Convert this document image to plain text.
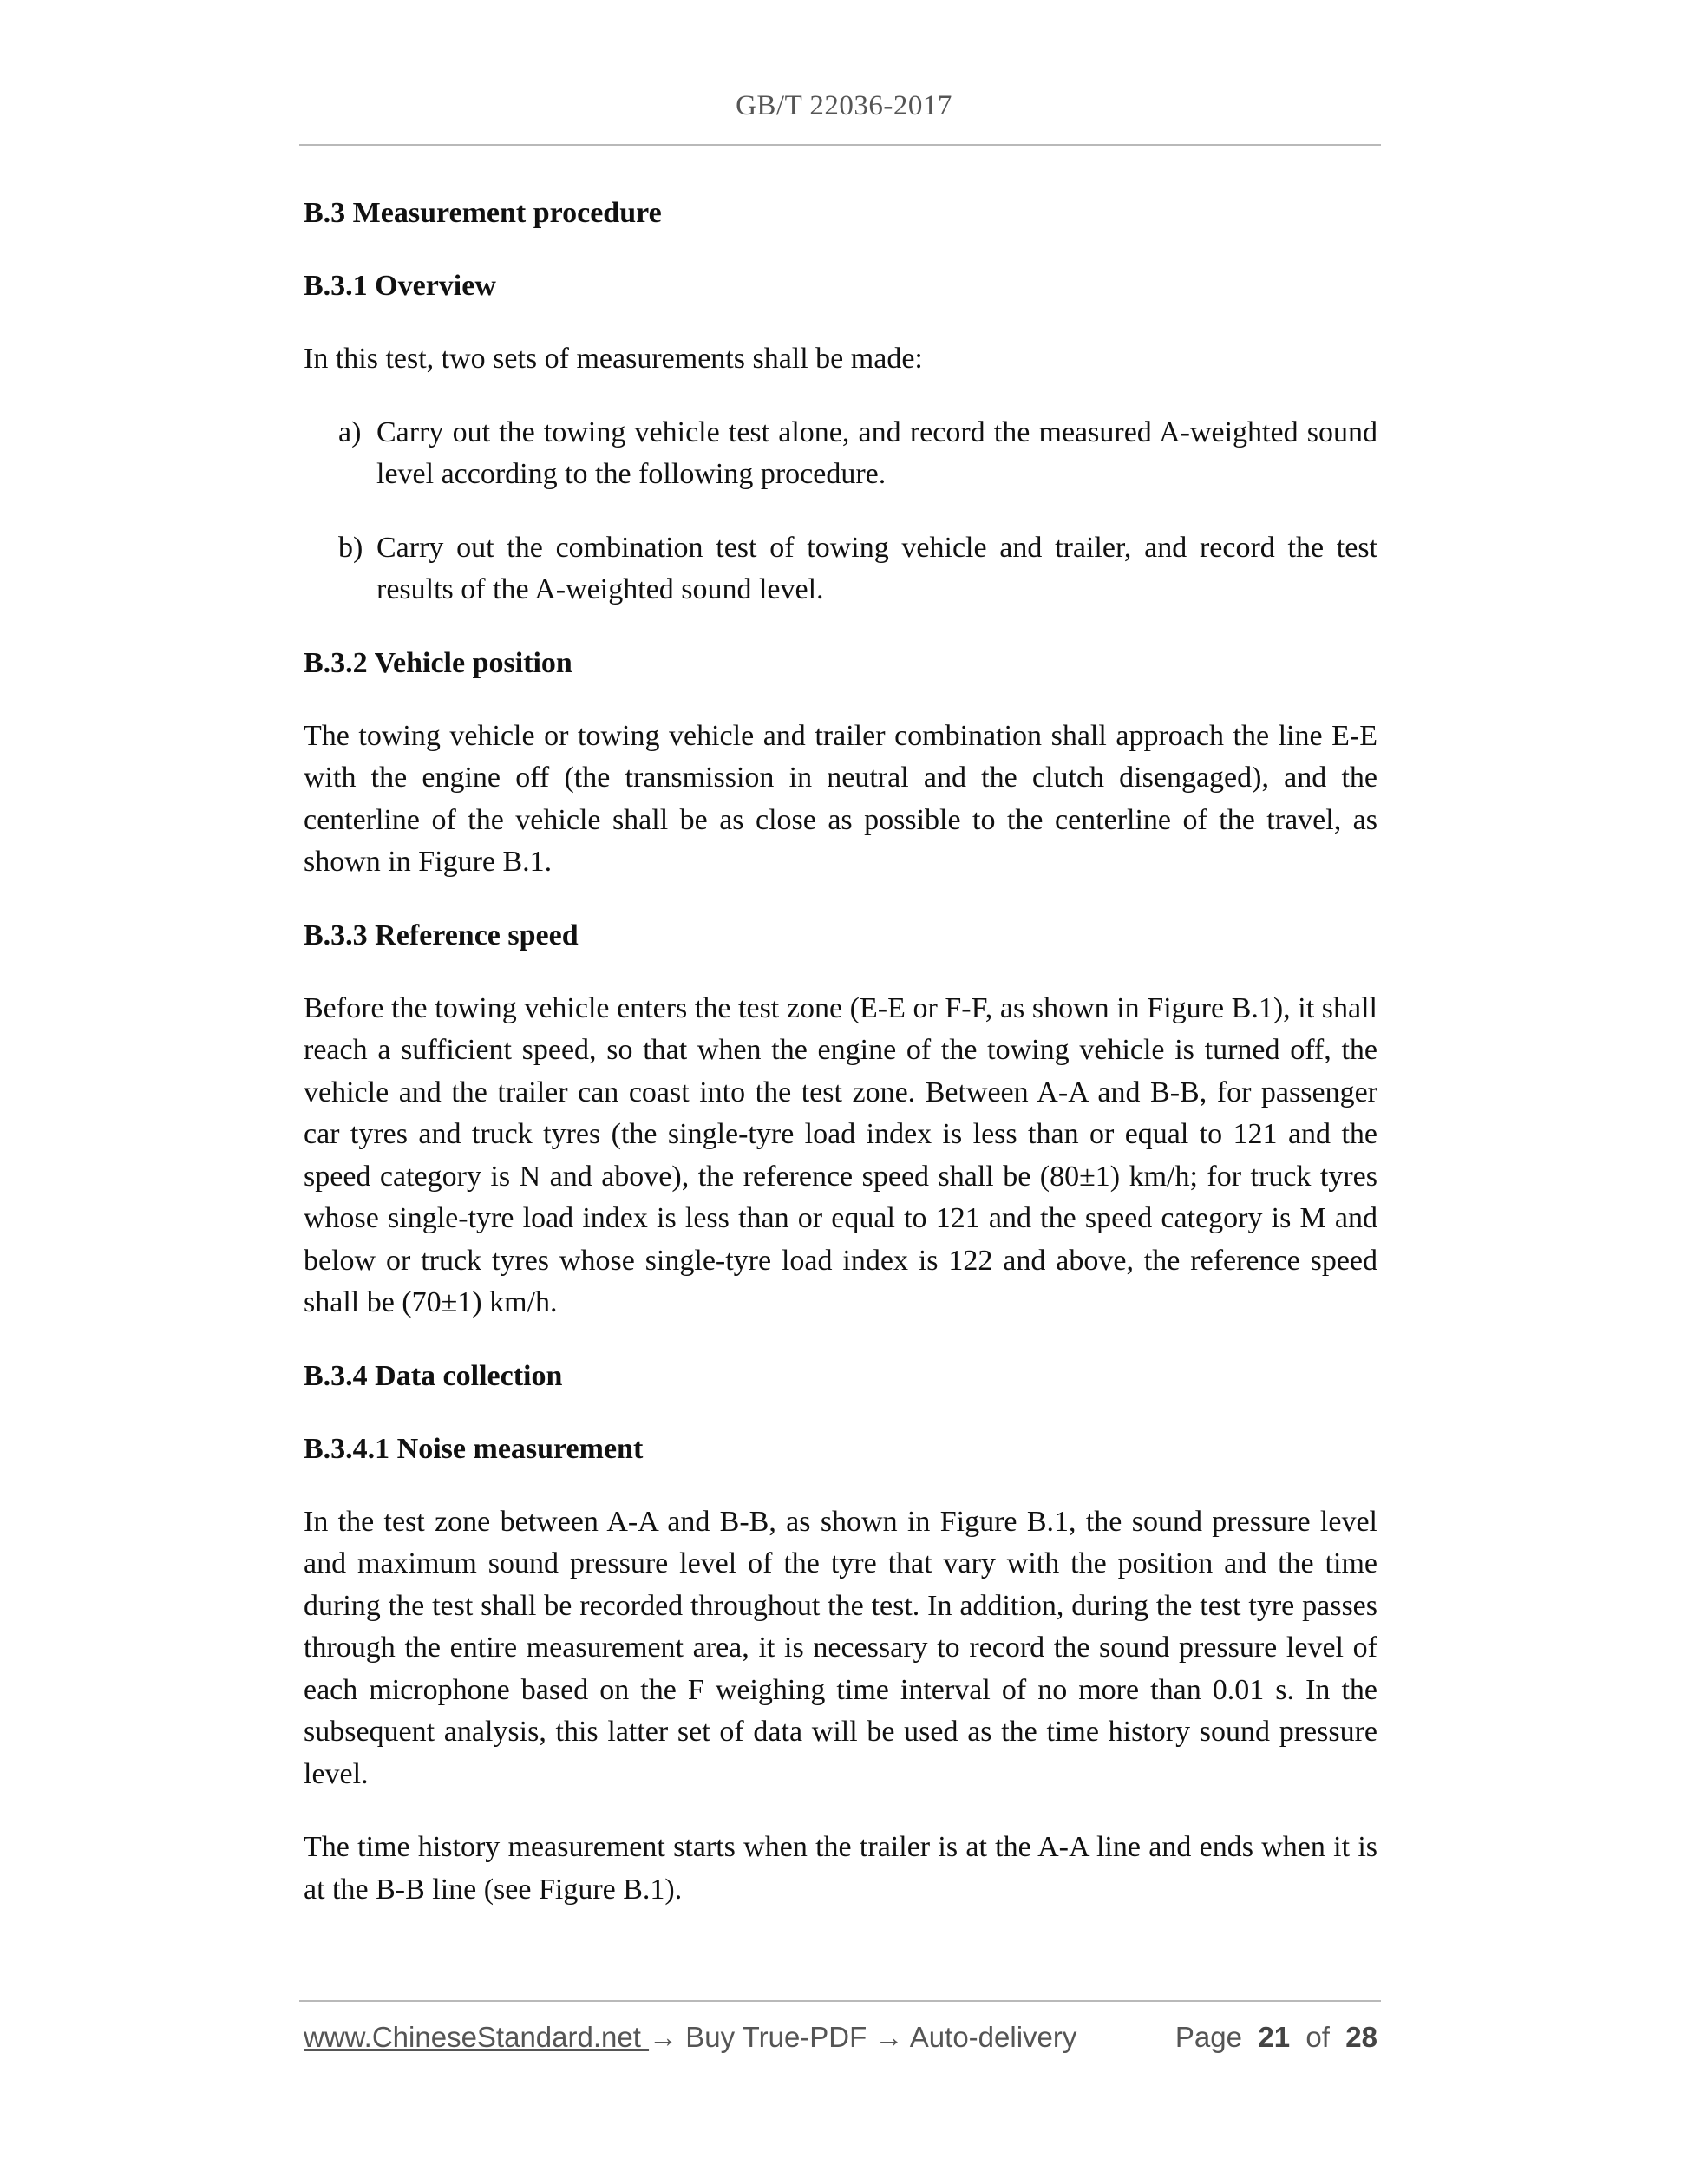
GB/T 22036-2017
B.3 Measurement procedure
B.3.1 Overview
In this test, two sets of measurements shall be made:
a) Carry out the towing vehicle test alone, and record the measured A-weighted sound level according to the following procedure.
b) Carry out the combination test of towing vehicle and trailer, and record the test results of the A-weighted sound level.
B.3.2 Vehicle position
The towing vehicle or towing vehicle and trailer combination shall approach the line E-E with the engine off (the transmission in neutral and the clutch disengaged), and the centerline of the vehicle shall be as close as possible to the centerline of the travel, as shown in Figure B.1.
B.3.3 Reference speed
Before the towing vehicle enters the test zone (E-E or F-F, as shown in Figure B.1), it shall reach a sufficient speed, so that when the engine of the towing vehicle is turned off, the vehicle and the trailer can coast into the test zone. Between A-A and B-B, for passenger car tyres and truck tyres (the single-tyre load index is less than or equal to 121 and the speed category is N and above), the reference speed shall be (80±1) km/h; for truck tyres whose single-tyre load index is less than or equal to 121 and the speed category is M and below or truck tyres whose single-tyre load index is 122 and above, the reference speed shall be (70±1) km/h.
B.3.4 Data collection
B.3.4.1 Noise measurement
In the test zone between A-A and B-B, as shown in Figure B.1, the sound pressure level and maximum sound pressure level of the tyre that vary with the position and the time during the test shall be recorded throughout the test. In addition, during the test tyre passes through the entire measurement area, it is necessary to record the sound pressure level of each microphone based on the F weighing time interval of no more than 0.01 s. In the subsequent analysis, this latter set of data will be used as the time history sound pressure level.
The time history measurement starts when the trailer is at the A-A line and ends when it is at the B-B line (see Figure B.1).
www.ChineseStandard.net → Buy True-PDF → Auto-delivery	Page 21 of 28
